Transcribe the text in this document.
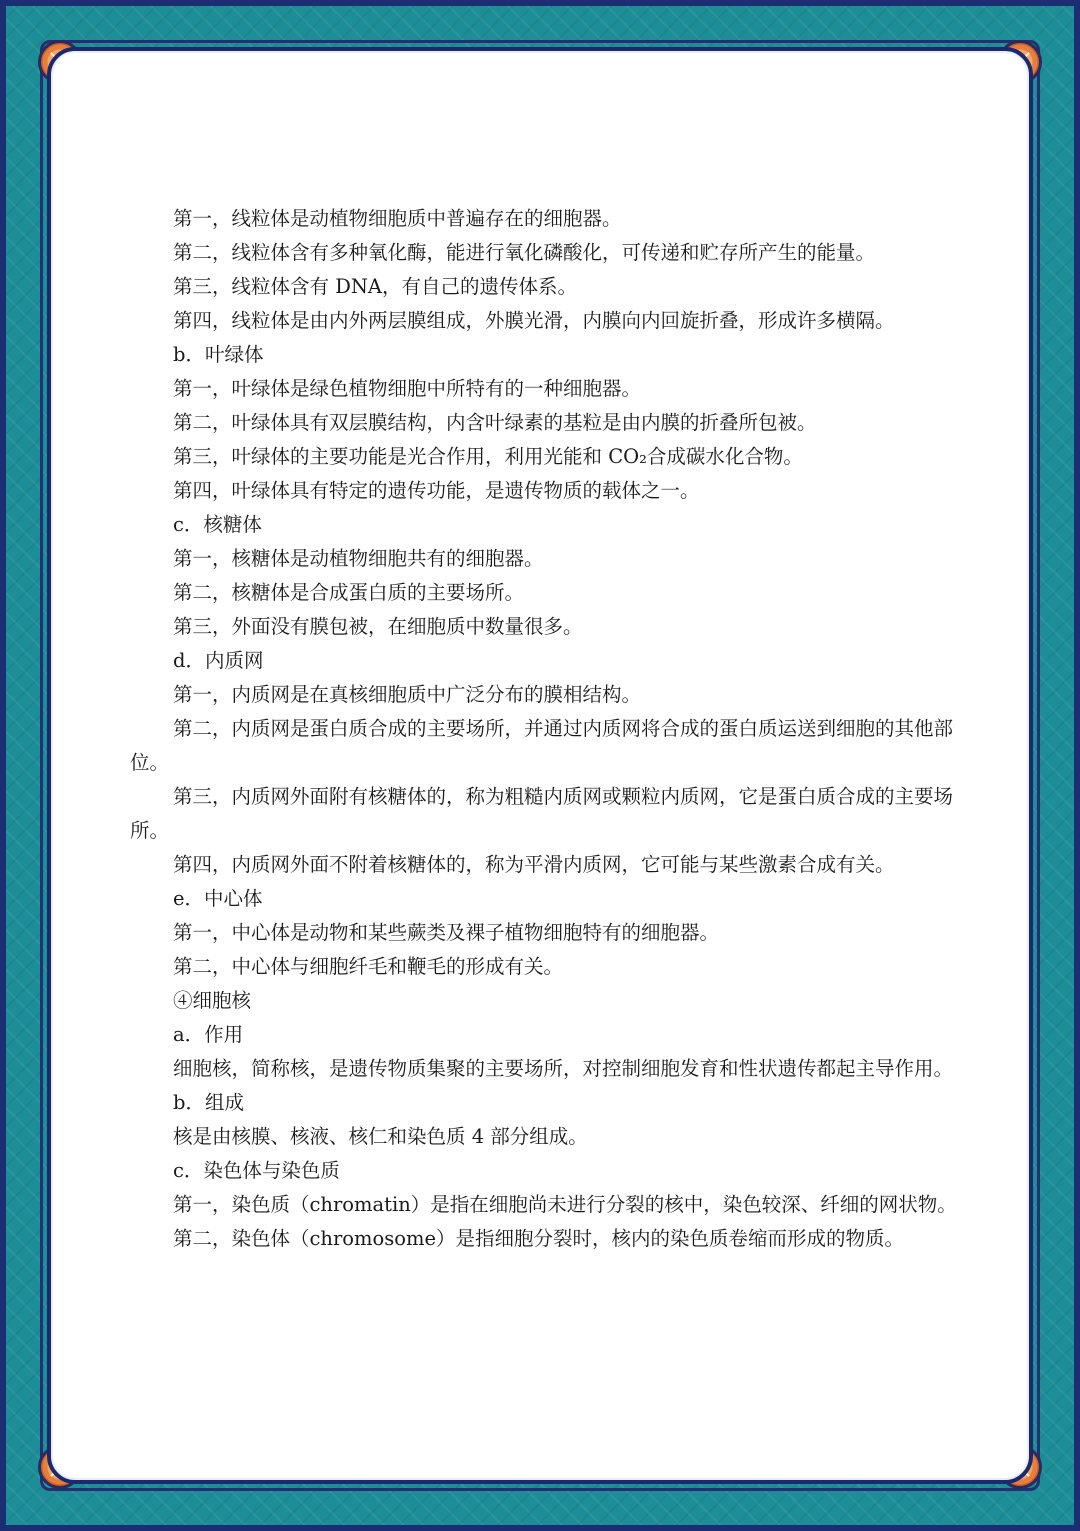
第一，线粒体是动植物细胞质中普遍存在的细胞器。

第二，线粒体含有多种氧化酶，能进行氧化磷酸化，可传递和贮存所产生的能量。

第三，线粒体含有 DNA，有自己的遗传体系。

第四，线粒体是由内外两层膜组成，外膜光滑，内膜向内回旋折叠，形成许多横隔。

b．叶绿体

第一，叶绿体是绿色植物细胞中所特有的一种细胞器。

第二，叶绿体具有双层膜结构，内含叶绿素的基粒是由内膜的折叠所包被。

第三，叶绿体的主要功能是光合作用，利用光能和 CO₂合成碳水化合物。

第四，叶绿体具有特定的遗传功能，是遗传物质的载体之一。

c．核糖体

第一，核糖体是动植物细胞共有的细胞器。

第二，核糖体是合成蛋白质的主要场所。

第三，外面没有膜包被，在细胞质中数量很多。

d．内质网

第一，内质网是在真核细胞质中广泛分布的膜相结构。

第二，内质网是蛋白质合成的主要场所，并通过内质网将合成的蛋白质运送到细胞的其他部位。

第三，内质网外面附有核糖体的，称为粗糙内质网或颗粒内质网，它是蛋白质合成的主要场所。

第四，内质网外面不附着核糖体的，称为平滑内质网，它可能与某些激素合成有关。

e．中心体

第一，中心体是动物和某些蕨类及裸子植物细胞特有的细胞器。

第二，中心体与细胞纤毛和鞭毛的形成有关。

④细胞核

a．作用

细胞核，简称核，是遗传物质集聚的主要场所，对控制细胞发育和性状遗传都起主导作用。

b．组成

核是由核膜、核液、核仁和染色质 4 部分组成。

c．染色体与染色质

第一，染色质（chromatin）是指在细胞尚未进行分裂的核中，染色较深、纤细的网状物。

第二，染色体（chromosome）是指细胞分裂时，核内的染色质卷缩而形成的物质。
